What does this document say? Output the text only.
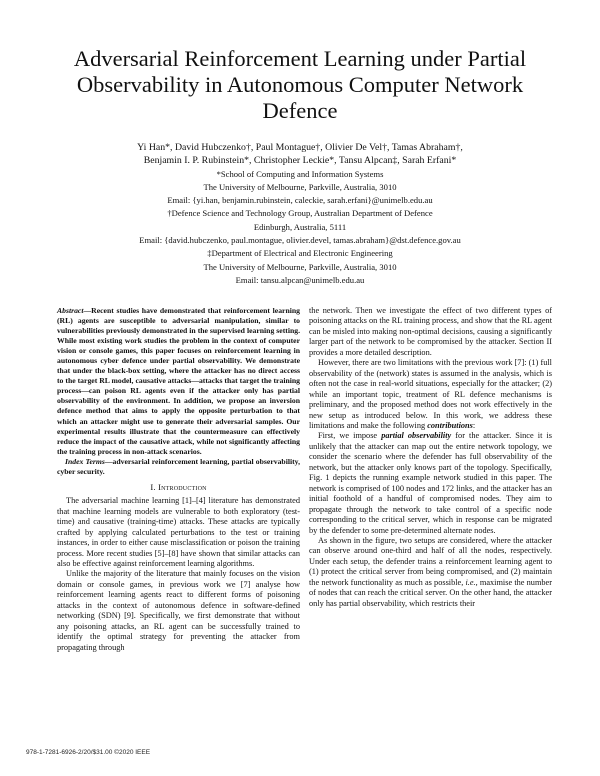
Adversarial Reinforcement Learning under Partial Observability in Autonomous Computer Network Defence
Yi Han*, David Hubczenko†, Paul Montague†, Olivier De Vel†, Tamas Abraham†,
Benjamin I. P. Rubinstein*, Christopher Leckie*, Tansu Alpcan‡, Sarah Erfani*
*School of Computing and Information Systems
The University of Melbourne, Parkville, Australia, 3010
Email: {yi.han, benjamin.rubinstein, caleckie, sarah.erfani}@unimelb.edu.au
†Defence Science and Technology Group, Australian Department of Defence
Edinburgh, Australia, 5111
Email: {david.hubczenko, paul.montague, olivier.devel, tamas.abraham}@dst.defence.gov.au
‡Department of Electrical and Electronic Engineering
The University of Melbourne, Parkville, Australia, 3010
Email: tansu.alpcan@unimelb.edu.au

Abstract—Recent studies have demonstrated that reinforcement learning (RL) agents are susceptible to adversarial manipulation, similar to vulnerabilities previously demonstrated in the supervised learning setting. While most existing work studies the problem in the context of computer vision or console games, this paper focuses on reinforcement learning in autonomous cyber defence under partial observability. We demonstrate that under the black-box setting, where the attacker has no direct access to the target RL model, causative attacks—attacks that target the training process—can poison RL agents even if the attacker only has partial observability of the environment. In addition, we propose an inversion defence method that aims to apply the opposite perturbation to that which an attacker might use to generate their adversarial samples. Our experimental results illustrate that the countermeasure can effectively reduce the impact of the causative attack, while not significantly affecting the training process in non-attack scenarios.

Index Terms—adversarial reinforcement learning, partial observability, cyber security.

I. Introduction

The adversarial machine learning [1]–[4] literature has demonstrated that machine learning models are vulnerable to both exploratory (test-time) and causative (training-time) attacks. These attacks are typically crafted by applying calculated perturbations to the test or training instances, in order to either cause misclassification or poison the training process. More recent studies [5]–[8] have shown that similar attacks can also be effective against reinforcement learning algorithms.

Unlike the majority of the literature that mainly focuses on the vision domain or console games, in previous work we [7] analyse how reinforcement learning agents react to different forms of poisoning attacks in the context of autonomous defence in software-defined networking (SDN) [9]. Specifically, we first demonstrate that without any poisoning attacks, an RL agent can be successfully trained to identify the optimal strategy for preventing the attacker from propagating through

the network. Then we investigate the effect of two different types of poisoning attacks on the RL training process, and show that the RL agent can be misled into making non-optimal decisions, causing a significantly larger part of the network to be compromised by the attacker. Section II provides a more detailed description.

However, there are two limitations with the previous work [7]: (1) full observability of the (network) states is assumed in the analysis, which is often not the case in real-world situations, especially for the attacker; (2) while an important topic, treatment of RL defence mechanisms is preliminary, and the proposed method does not work effectively in the new setup as introduced below. In this work, we address these limitations and make the following contributions:

First, we impose partial observability for the attacker. Since it is unlikely that the attacker can map out the entire network topology, we consider the scenario where the defender has full observability of the network, but the attacker only knows part of the topology. Specifically, Fig. 1 depicts the running example network studied in this paper. The network is comprised of 100 nodes and 172 links, and the attacker has an initial foothold of a handful of compromised nodes. They aim to propagate through the network to take control of a specific node corresponding to the critical server, which in response can be migrated by the defender to some pre-determined alternate nodes.

As shown in the figure, two setups are considered, where the attacker can observe around one-third and half of all the nodes, respectively. Under each setup, the defender trains a reinforcement learning agent to (1) protect the critical server from being compromised, and (2) maintain the network functionality as much as possible, i.e., maximise the number of nodes that can reach the critical server. On the other hand, the attacker only has partial observability, which restricts their

978-1-7281-6926-2/20/$31.00 ©2020 IEEE
